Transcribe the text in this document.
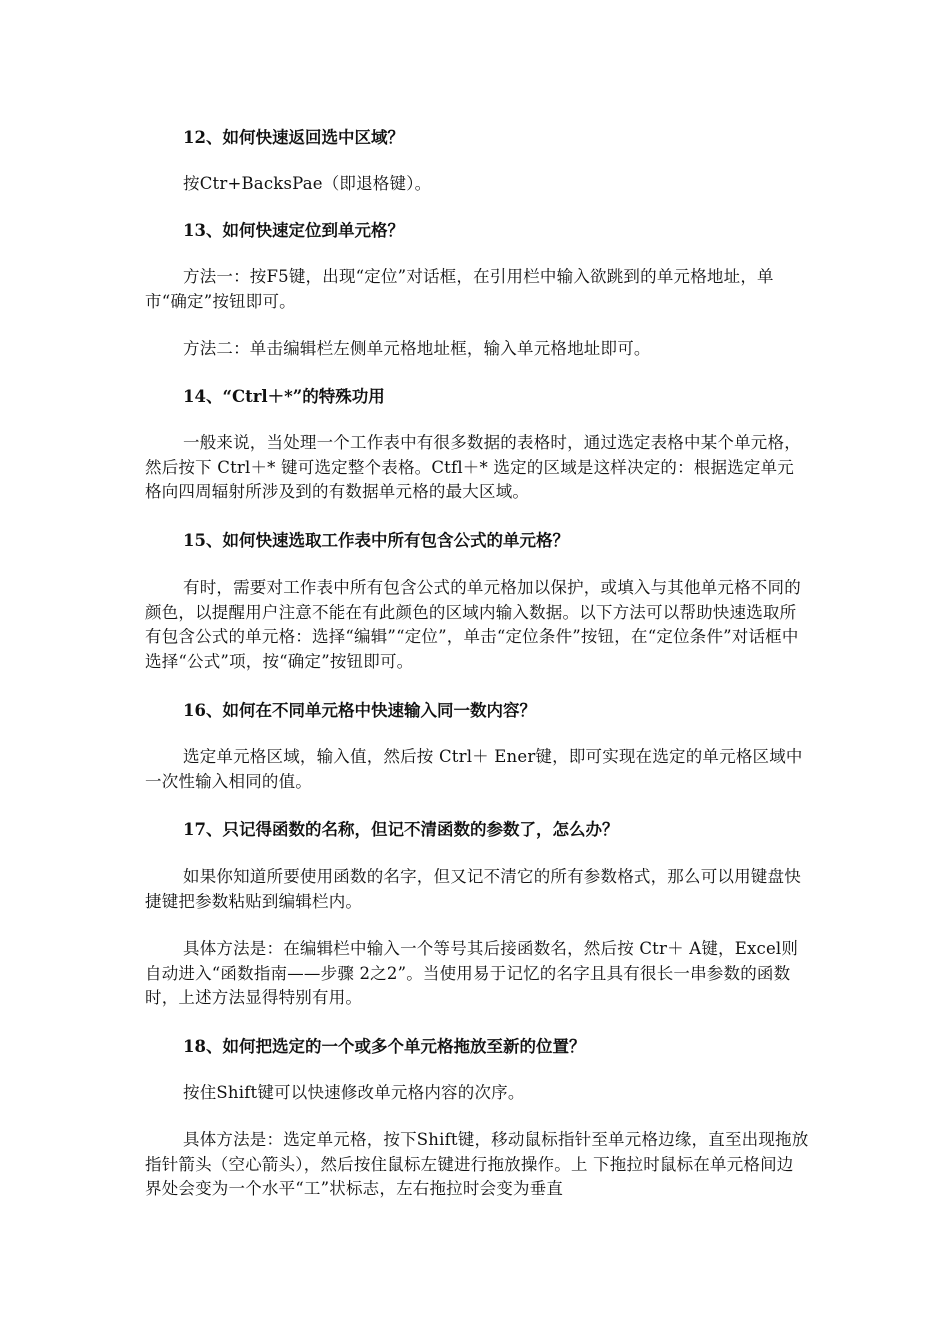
12、如何快速返回选中区域？

按Ctr+BacksPae（即退格键）。

13、如何快速定位到单元格？

方法一：按F5键，出现“定位”对话框，在引用栏中输入欲跳到的单元格地址，单市“确定”按钮即可。

方法二：单击编辑栏左侧单元格地址框，输入单元格地址即可。

14、“Ctrl＋*”的特殊功用

一般来说，当处理一个工作表中有很多数据的表格时，通过选定表格中某个单元格，然后按下 Ctrl＋* 键可选定整个表格。Ctfl＋* 选定的区域是这样决定的：根据选定单元格向四周辐射所涉及到的有数据单元格的最大区域。

15、如何快速选取工作表中所有包含公式的单元格？

有时，需要对工作表中所有包含公式的单元格加以保护，或填入与其他单元格不同的颜色，以提醒用户注意不能在有此颜色的区域内输入数据。以下方法可以帮助快速选取所有包含公式的单元格：选择“编辑”“定位”，单击“定位条件”按钮，在“定位条件”对话框中选择“公式”项，按“确定”按钮即可。

16、如何在不同单元格中快速输入同一数内容？

选定单元格区域，输入值，然后按 Ctrl＋ Ener键，即可实现在选定的单元格区域中一次性输入相同的值。

17、只记得函数的名称，但记不清函数的参数了，怎么办？

如果你知道所要使用函数的名字，但又记不清它的所有参数格式，那么可以用键盘快捷键把参数粘贴到编辑栏内。

具体方法是：在编辑栏中输入一个等号其后接函数名，然后按 Ctr＋ A键，Excel则自动进入“函数指南——步骤 2之2”。当使用易于记忆的名字且具有很长一串参数的函数时，上述方法显得特别有用。

18、如何把选定的一个或多个单元格拖放至新的位置？

按住Shift键可以快速修改单元格内容的次序。

具体方法是：选定单元格，按下Shift键，移动鼠标指针至单元格边缘，直至出现拖放指针箭头（空心箭头），然后按住鼠标左键进行拖放操作。上 下拖拉时鼠标在单元格间边界处会变为一个水平“工”状标志，左右拖拉时会变为垂直
